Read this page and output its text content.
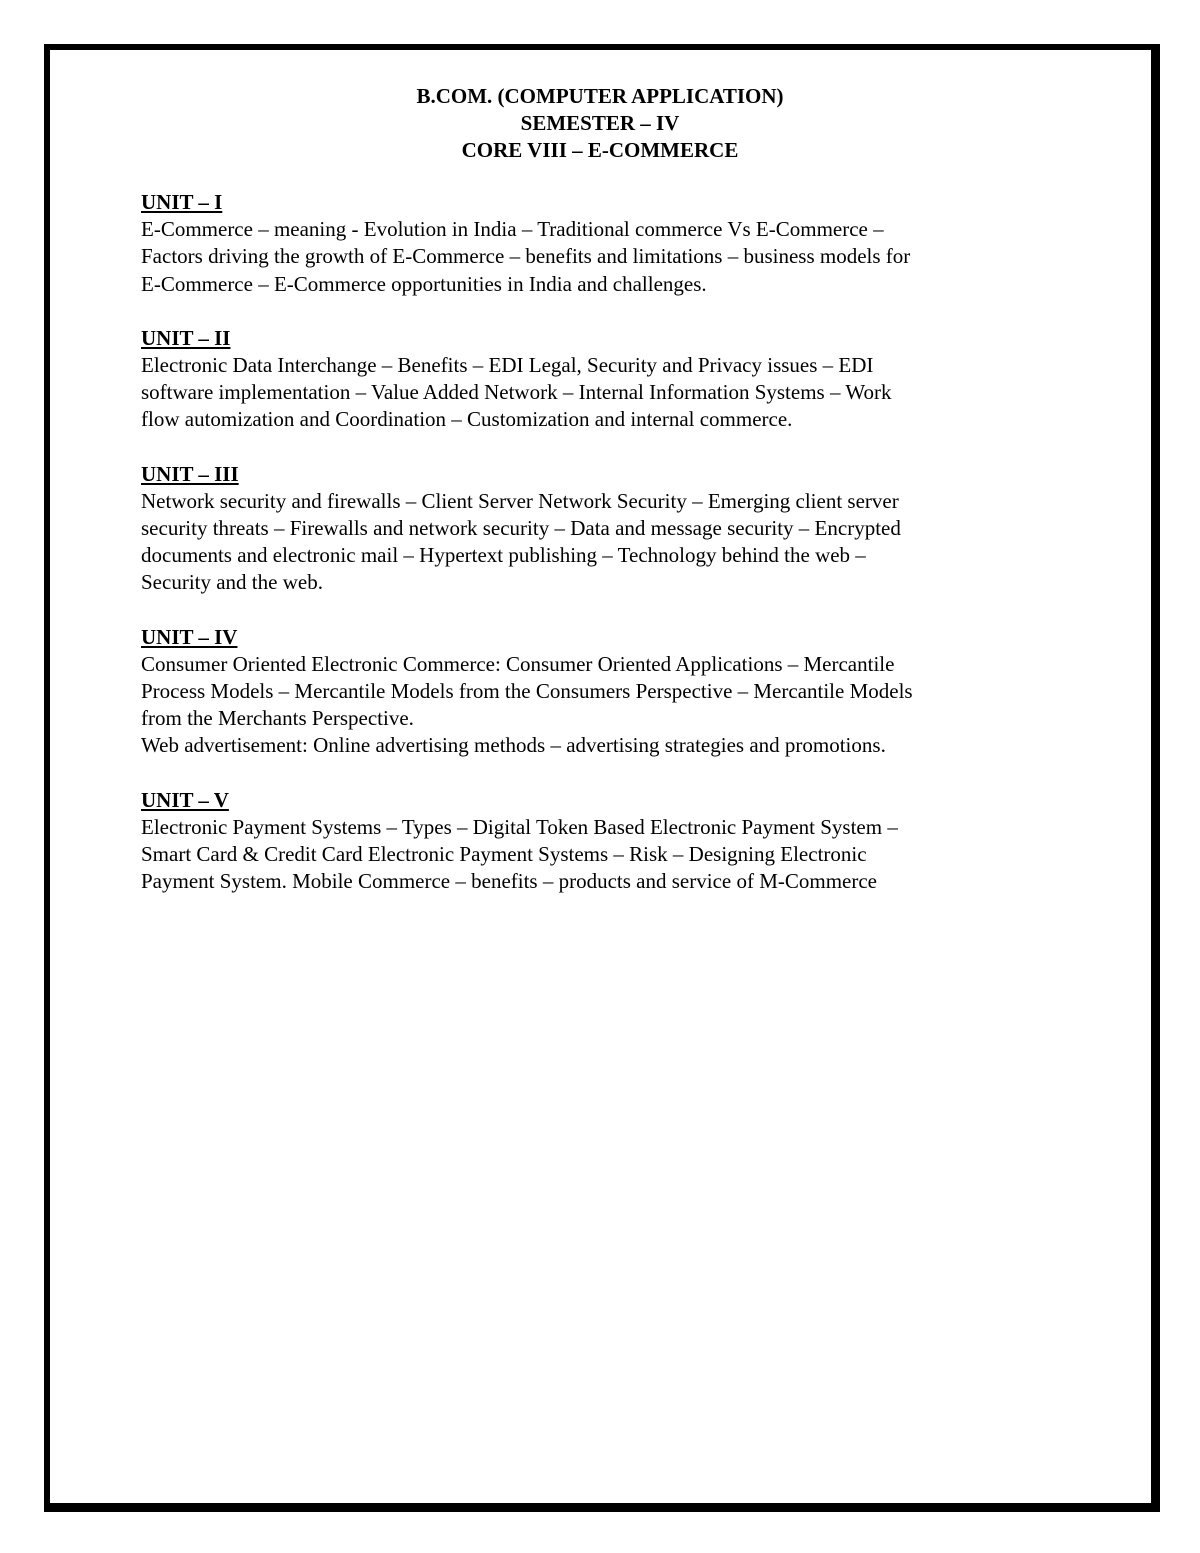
B.COM. (COMPUTER APPLICATION)
SEMESTER – IV
CORE VIII – E-COMMERCE
UNIT – I
E-Commerce – meaning - Evolution in India – Traditional commerce Vs E-Commerce –
Factors driving the growth of E-Commerce – benefits and limitations – business models for
E-Commerce – E-Commerce opportunities in India and challenges.
UNIT – II
Electronic Data Interchange – Benefits – EDI Legal, Security and Privacy issues – EDI
software implementation – Value Added Network – Internal Information Systems – Work
flow automization and Coordination – Customization and internal commerce.
UNIT – III
Network security and firewalls – Client Server Network Security – Emerging client server
security threats – Firewalls and network security – Data and message security – Encrypted
documents and electronic mail – Hypertext publishing – Technology behind the web –
Security and the web.
UNIT – IV
Consumer Oriented Electronic Commerce: Consumer Oriented Applications – Mercantile
Process Models – Mercantile Models from the Consumers Perspective – Mercantile Models
from the Merchants Perspective.
Web advertisement: Online advertising methods – advertising strategies and promotions.
UNIT – V
Electronic Payment Systems – Types – Digital Token Based Electronic Payment System –
Smart Card & Credit Card Electronic Payment Systems – Risk – Designing Electronic
Payment System. Mobile Commerce – benefits – products and service of M-Commerce
